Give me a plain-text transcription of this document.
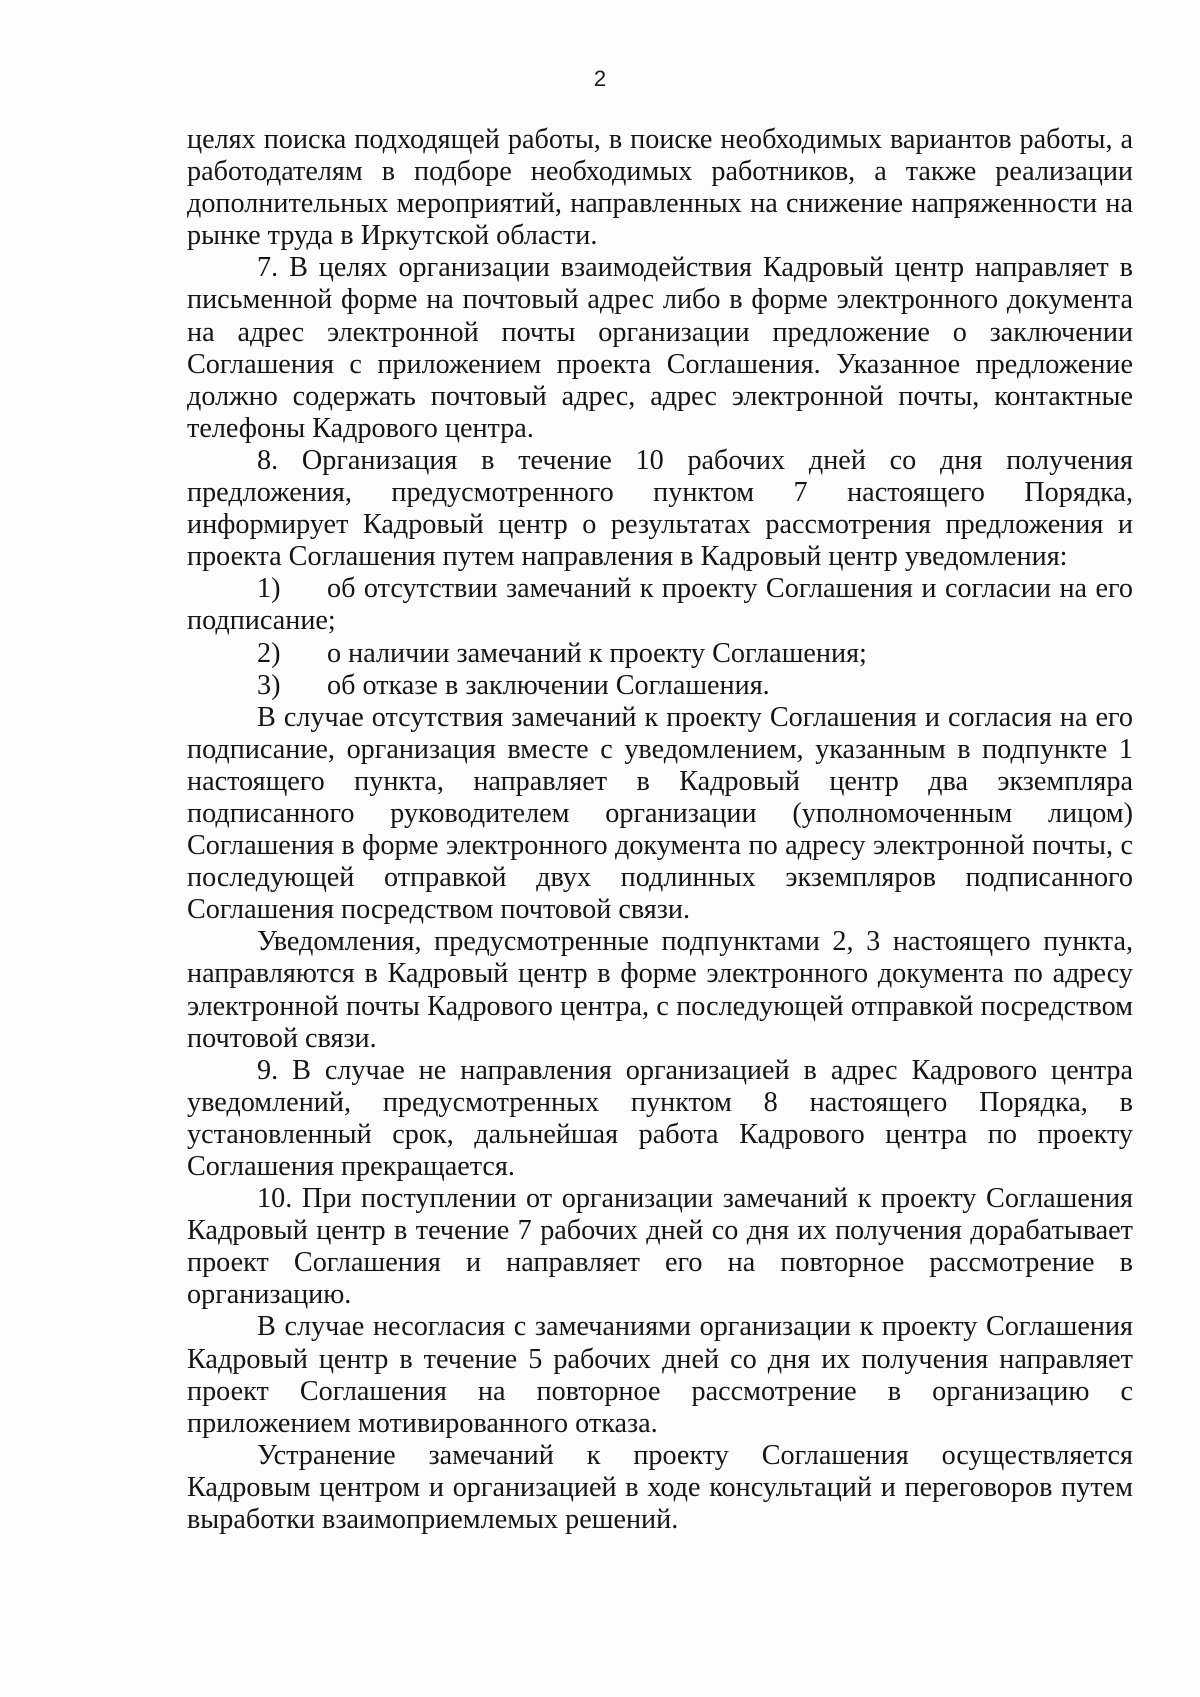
2

целях поиска подходящей работы, в поиске необходимых вариантов работы, а работодателям в подборе необходимых работников, а также реализации дополнительных мероприятий, направленных на снижение напряженности на рынке труда в Иркутской области.

7. В целях организации взаимодействия Кадровый центр направляет в письменной форме на почтовый адрес либо в форме электронного документа на адрес электронной почты организации предложение о заключении Соглашения с приложением проекта Соглашения. Указанное предложение должно содержать почтовый адрес, адрес электронной почты, контактные телефоны Кадрового центра.

8. Организация в течение 10 рабочих дней со дня получения предложения, предусмотренного пунктом 7 настоящего Порядка, информирует Кадровый центр о результатах рассмотрения предложения и проекта Соглашения путем направления в Кадровый центр уведомления:

1) об отсутствии замечаний к проекту Соглашения и согласии на его подписание;

2) о наличии замечаний к проекту Соглашения;

3) об отказе в заключении Соглашения.

В случае отсутствия замечаний к проекту Соглашения и согласия на его подписание, организация вместе с уведомлением, указанным в подпункте 1 настоящего пункта, направляет в Кадровый центр два экземпляра подписанного руководителем организации (уполномоченным лицом) Соглашения в форме электронного документа по адресу электронной почты, с последующей отправкой двух подлинных экземпляров подписанного Соглашения посредством почтовой связи.

Уведомления, предусмотренные подпунктами 2, 3 настоящего пункта, направляются в Кадровый центр в форме электронного документа по адресу электронной почты Кадрового центра, с последующей отправкой посредством почтовой связи.

9. В случае не направления организацией в адрес Кадрового центра уведомлений, предусмотренных пунктом 8 настоящего Порядка, в установленный срок, дальнейшая работа Кадрового центра по проекту Соглашения прекращается.

10. При поступлении от организации замечаний к проекту Соглашения Кадровый центр в течение 7 рабочих дней со дня их получения дорабатывает проект Соглашения и направляет его на повторное рассмотрение в организацию.

В случае несогласия с замечаниями организации к проекту Соглашения Кадровый центр в течение 5 рабочих дней со дня их получения направляет проект Соглашения на повторное рассмотрение в организацию с приложением мотивированного отказа.

Устранение замечаний к проекту Соглашения осуществляется Кадровым центром и организацией в ходе консультаций и переговоров путем выработки взаимоприемлемых решений.
